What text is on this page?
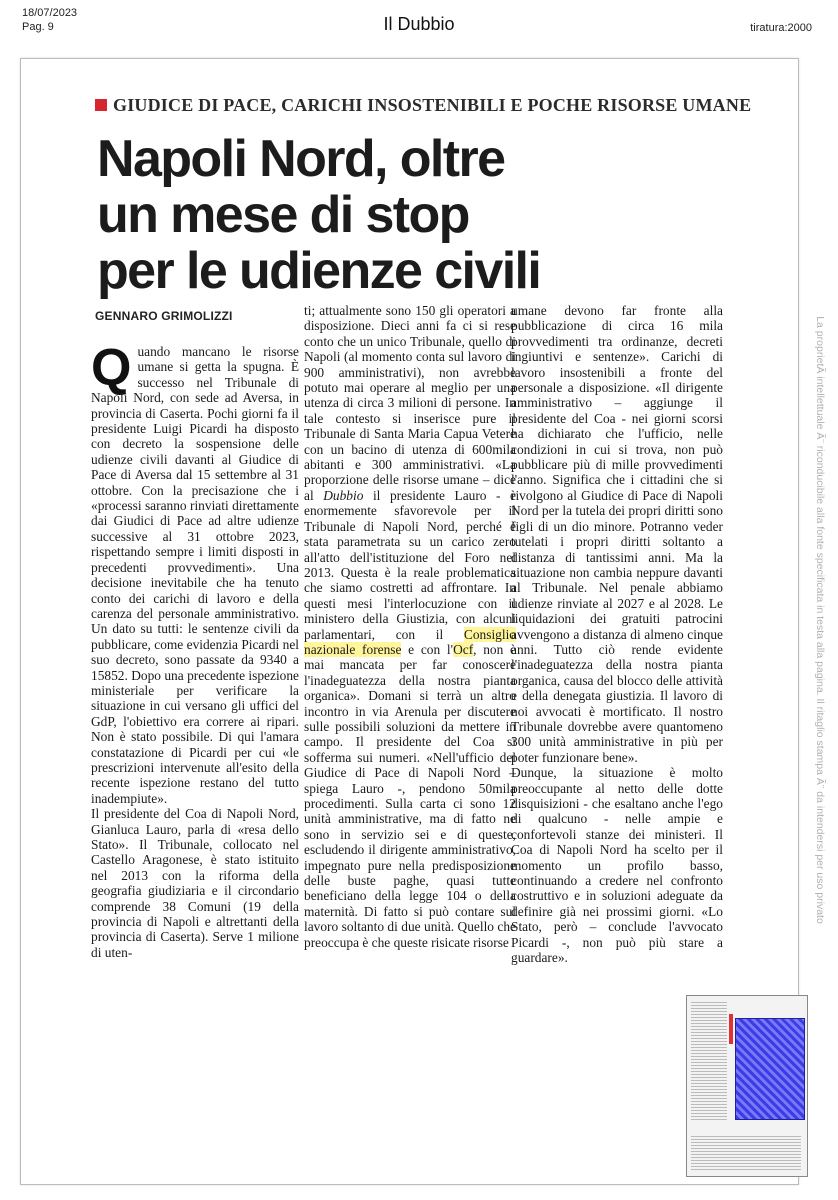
18/07/2023
Pag. 9	Il Dubbio	tiratura:2000
GIUDICE DI PACE, CARICHI INSOSTENIBILI E POCHE RISORSE UMANE
Napoli Nord, oltre
un mese di stop
per le udienze civili
GENNARO GRIMOLIZZI

Quando mancano le risorse umane si getta la spugna. È successo nel Tribunale di Napoli Nord, con sede ad Aversa, in provincia di Caserta. Pochi giorni fa il presidente Luigi Picardi ha disposto con decreto la sospensione delle udienze civili davanti al Giudice di Pace di Aversa dal 15 settembre al 31 ottobre. Con la precisazione che i «processi saranno rinviati direttamente dai Giudici di Pace ad altre udienze successive al 31 ottobre 2023, rispettando sempre i limiti disposti in precedenti provvedimenti». Una decisione inevitabile che ha tenuto conto dei carichi di lavoro e della carenza del personale amministrativo. Un dato su tutti: le sentenze civili da pubblicare, come evidenzia Picardi nel suo decreto, sono passate da 9340 a 15852. Dopo una precedente ispezione ministeriale per verificare la situazione in cui versano gli uffici del GdP, l'obiettivo era correre ai ripari. Non è stato possibile. Di qui l'amara constatazione di Picardi per cui «le prescrizioni intervenute all'esito della recente ispezione restano del tutto inadempiute».

Il presidente del Coa di Napoli Nord, Gianluca Lauro, parla di «resa dello Stato». Il Tribunale, collocato nel Castello Aragonese, è stato istituito nel 2013 con la riforma della geografia giudiziaria e il circondario comprende 38 Comuni (19 della provincia di Napoli e altrettanti della provincia di Caserta). Serve 1 milione di uten-

ti; attualmente sono 150 gli operatori a disposizione. Dieci anni fa ci si rese conto che un unico Tribunale, quello di Napoli (al momento conta sul lavoro di 900 amministrativi), non avrebbe potuto mai operare al meglio per una utenza di circa 3 milioni di persone. In tale contesto si inserisce pure il Tribunale di Santa Maria Capua Vetere con un bacino di utenza di 600mila abitanti e 300 amministrativi. «La proporzione delle risorse umane – dice al Dubbio il presidente Lauro - è enormemente sfavorevole per il Tribunale di Napoli Nord, perché è stata parametrata su un carico zero all'atto dell'istituzione del Foro nel 2013. Questa è la reale problematica che siamo costretti ad affrontare. In questi mesi l'interlocuzione con il ministero della Giustizia, con alcuni parlamentari, con il Consiglio nazionale forense e con l'Ocf, non è mai mancata per far conoscere l'inadeguatezza della nostra pianta organica». Domani si terrà un altro incontro in via Arenula per discutere sulle possibili soluzioni da mettere in campo. Il presidente del Coa si sofferma sui numeri. «Nell'ufficio del Giudice di Pace di Napoli Nord – spiega Lauro -, pendono 50mila procedimenti. Sulla carta ci sono 12 unità amministrative, ma di fatto ne sono in servizio sei e di queste, escludendo il dirigente amministrativo, impegnato pure nella predisposizione delle buste paghe, quasi tutte beneficiano della legge 104 o della maternità. Di fatto si può contare sul lavoro soltanto di due unità. Quello che preoccupa è che queste risicate risorse

umane devono far fronte alla pubblicazione di circa 16 mila provvedimenti tra ordinanze, decreti ingiuntivi e sentenze». Carichi di lavoro insostenibili a fronte del personale a disposizione. «Il dirigente amministrativo – aggiunge il presidente del Coa - nei giorni scorsi ha dichiarato che l'ufficio, nelle condizioni in cui si trova, non può pubblicare più di mille provvedimenti l'anno. Significa che i cittadini che si rivolgono al Giudice di Pace di Napoli Nord per la tutela dei propri diritti sono figli di un dio minore. Potranno veder tutelati i propri diritti soltanto a distanza di tantissimi anni. Ma la situazione non cambia neppure davanti al Tribunale. Nel penale abbiamo udienze rinviate al 2027 e al 2028. Le liquidazioni dei gratuiti patrocini avvengono a distanza di almeno cinque anni. Tutto ciò rende evidente l'inadeguatezza della nostra pianta organica, causa del blocco delle attività e della denegata giustizia. Il lavoro di noi avvocati è mortificato. Il nostro Tribunale dovrebbe avere quantomeno 300 unità amministrative in più per poter funzionare bene».

Dunque, la situazione è molto preoccupante al netto delle dotte disquisizioni - che esaltano anche l'ego di qualcuno - nelle ampie e confortevoli stanze dei ministeri. Il Coa di Napoli Nord ha scelto per il momento un profilo basso, continuando a credere nel confronto costruttivo e in soluzioni adeguate da definire già nei prossimi giorni. «Lo Stato, però – conclude l'avvocato Picardi -, non può più stare a guardare».

La proprietÃ intellettuale Ã¨ riconducibile alla fonte specificata in testa alla pagina. Il ritaglio stampa Ã¨ da intendersi per uso privato
